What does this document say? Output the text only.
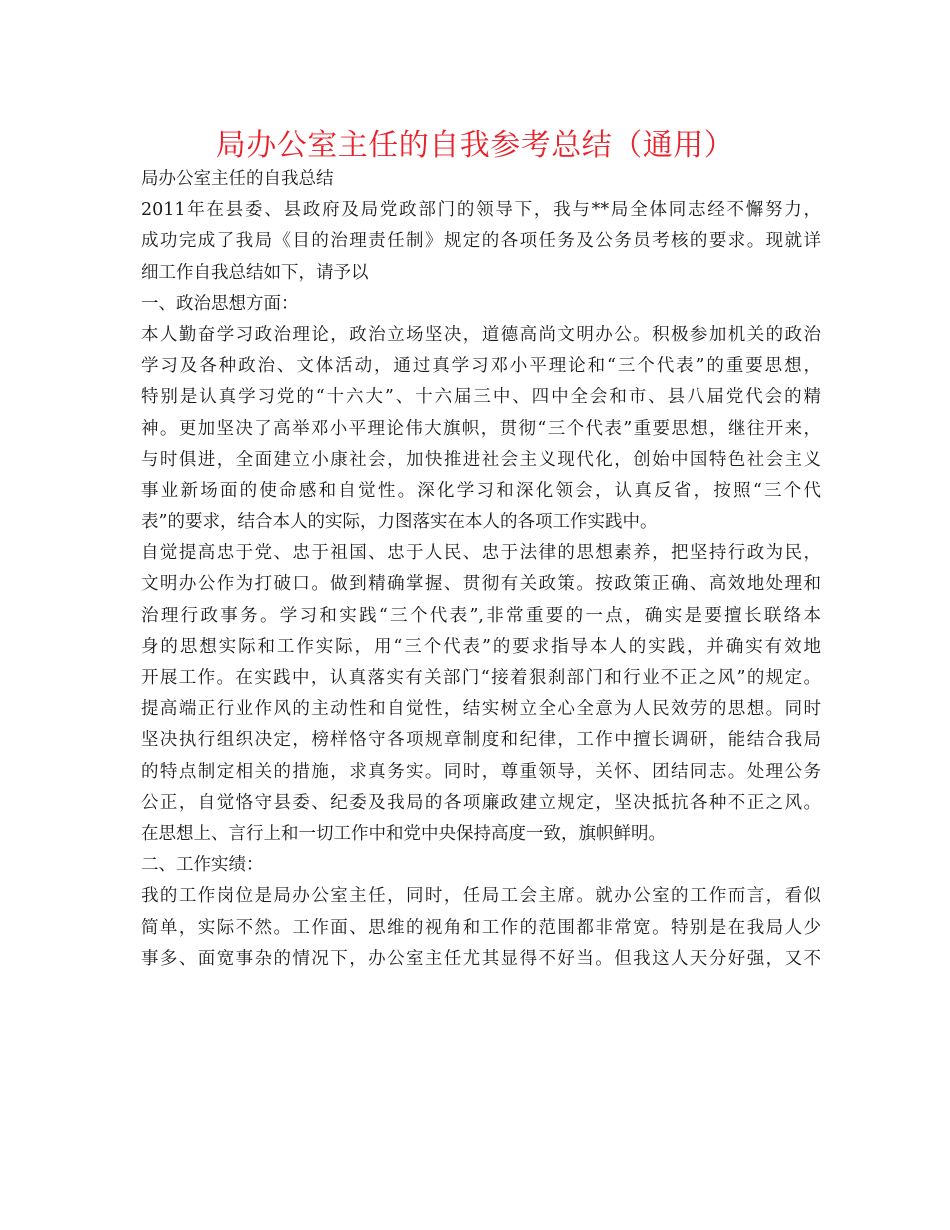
局办公室主任的自我参考总结（通用）
局办公室主任的自我总结
2011年在县委、县政府及局党政部门的领导下，我与**局全体同志经不懈努力，
成功完成了我局《目的治理责任制》规定的各项任务及公务员考核的要求。现就详
细工作自我总结如下，请予以
一、政治思想方面：
本人勤奋学习政治理论，政治立场坚决，道德高尚文明办公。积极参加机关的政治
学习及各种政治、文体活动，通过真学习邓小平理论和“三个代表”的重要思想，
特别是认真学习党的“十六大”、十六届三中、四中全会和市、县八届党代会的精
神。更加坚决了高举邓小平理论伟大旗帜，贯彻“三个代表”重要思想，继往开来，
与时俱进，全面建立小康社会，加快推进社会主义现代化，创始中国特色社会主义
事业新场面的使命感和自觉性。深化学习和深化领会，认真反省，按照“三个代
表”的要求，结合本人的实际，力图落实在本人的各项工作实践中。
自觉提高忠于党、忠于祖国、忠于人民、忠于法律的思想素养，把坚持行政为民，
文明办公作为打破口。做到精确掌握、贯彻有关政策。按政策正确、高效地处理和
治理行政事务。学习和实践“三个代表”,非常重要的一点，确实是要擅长联络本
身的思想实际和工作实际，用“三个代表”的要求指导本人的实践，并确实有效地
开展工作。在实践中，认真落实有关部门“接着狠刹部门和行业不正之风”的规定。
提高端正行业作风的主动性和自觉性，结实树立全心全意为人民效劳的思想。同时
坚决执行组织决定，榜样恪守各项规章制度和纪律，工作中擅长调研，能结合我局
的特点制定相关的措施，求真务实。同时，尊重领导，关怀、团结同志。处理公务
公正，自觉恪守县委、纪委及我局的各项廉政建立规定，坚决抵抗各种不正之风。
在思想上、言行上和一切工作中和党中央保持高度一致，旗帜鲜明。
二、工作实绩：
我的工作岗位是局办公室主任，同时，任局工会主席。就办公室的工作而言，看似
简单，实际不然。工作面、思维的视角和工作的范围都非常宽。特别是在我局人少
事多、面宽事杂的情况下，办公室主任尤其显得不好当。但我这人天分好强，又不
